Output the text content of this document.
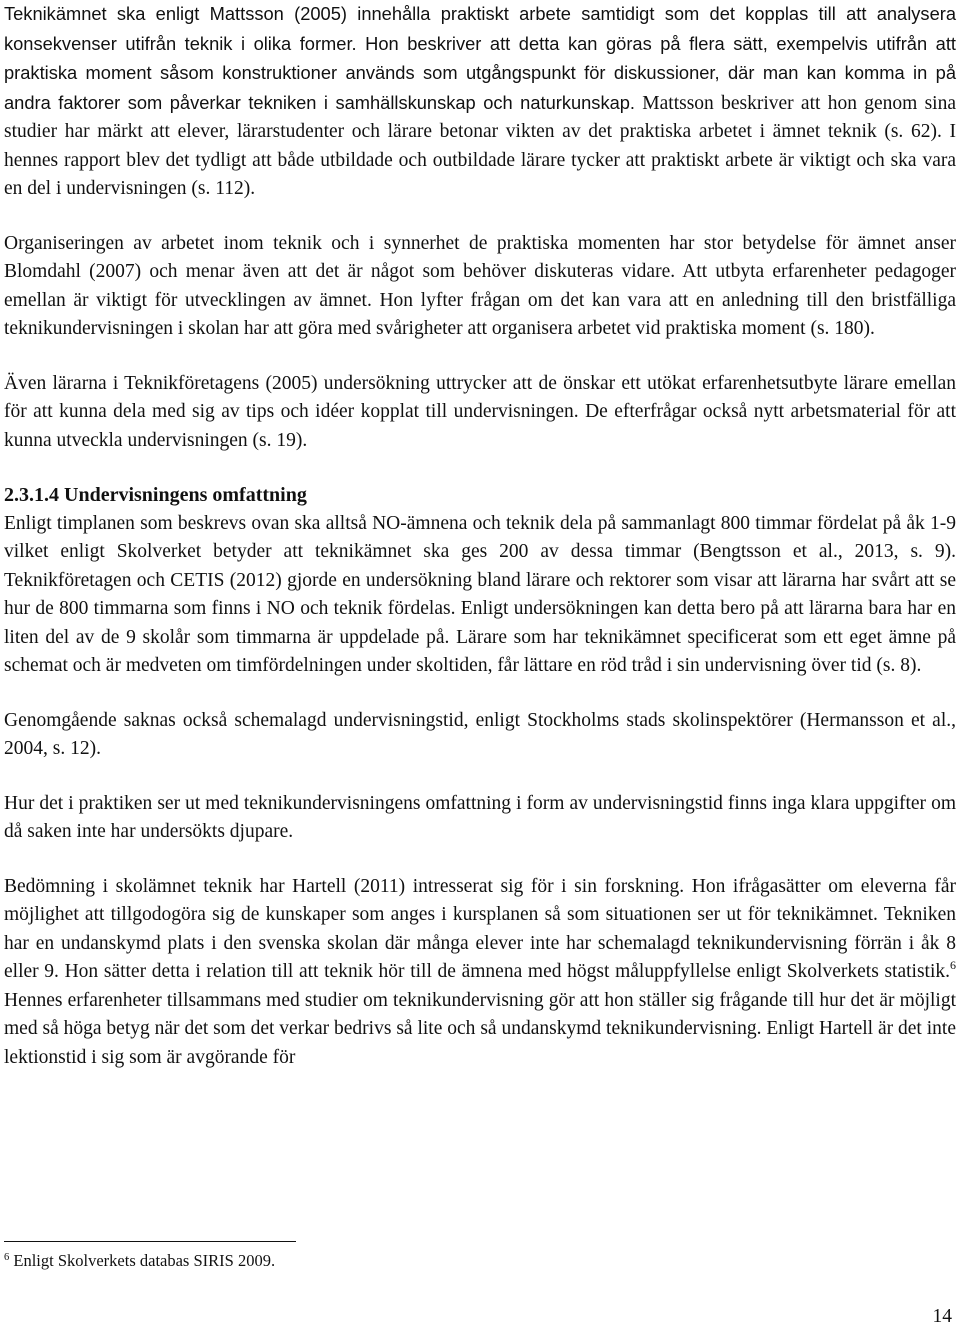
Teknikämnet ska enligt Mattsson (2005) innehålla praktiskt arbete samtidigt som det kopplas till att analysera konsekvenser utifrån teknik i olika former. Hon beskriver att detta kan göras på flera sätt, exempelvis utifrån att praktiska moment såsom konstruktioner används som utgångspunkt för diskussioner, där man kan komma in på andra faktorer som påverkar tekniken i samhällskunskap och naturkunskap. Mattsson beskriver att hon genom sina studier har märkt att elever, lärarstudenter och lärare betonar vikten av det praktiska arbetet i ämnet teknik (s. 62). I hennes rapport blev det tydligt att både utbildade och outbildade lärare tycker att praktiskt arbete är viktigt och ska vara en del i undervisningen (s. 112).

Organiseringen av arbetet inom teknik och i synnerhet de praktiska momenten har stor betydelse för ämnet anser Blomdahl (2007) och menar även att det är något som behöver diskuteras vidare. Att utbyta erfarenheter pedagoger emellan är viktigt för utvecklingen av ämnet. Hon lyfter frågan om det kan vara att en anledning till den bristfälliga teknikundervisningen i skolan har att göra med svårigheter att organisera arbetet vid praktiska moment (s. 180).

Även lärarna i Teknikföretagens (2005) undersökning uttrycker att de önskar ett utökat erfarenhetsutbyte lärare emellan för att kunna dela med sig av tips och idéer kopplat till undervisningen. De efterfrågar också nytt arbetsmaterial för att kunna utveckla undervisningen (s. 19).

2.3.1.4 Undervisningens omfattning

Enligt timplanen som beskrevs ovan ska alltså NO-ämnena och teknik dela på sammanlagt 800 timmar fördelat på åk 1-9 vilket enligt Skolverket betyder att teknikämnet ska ges 200 av dessa timmar (Bengtsson et al., 2013, s. 9). Teknikföretagen och CETIS (2012) gjorde en undersökning bland lärare och rektorer som visar att lärarna har svårt att se hur de 800 timmarna som finns i NO och teknik fördelas. Enligt undersökningen kan detta bero på att lärarna bara har en liten del av de 9 skolår som timmarna är uppdelade på. Lärare som har teknikämnet specificerat som ett eget ämne på schemat och är medveten om timfördelningen under skoltiden, får lättare en röd tråd i sin undervisning över tid (s. 8).

Genomgående saknas också schemalagd undervisningstid, enligt Stockholms stads skolinspektörer (Hermansson et al., 2004, s. 12).

Hur det i praktiken ser ut med teknikundervisningens omfattning i form av undervisningstid finns inga klara uppgifter om då saken inte har undersökts djupare.

Bedömning i skolämnet teknik har Hartell (2011) intresserat sig för i sin forskning. Hon ifrågasätter om eleverna får möjlighet att tillgodogöra sig de kunskaper som anges i kursplanen så som situationen ser ut för teknikämnet. Tekniken har en undanskymd plats i den svenska skolan där många elever inte har schemalagd teknikundervisning förrän i åk 8 eller 9. Hon sätter detta i relation till att teknik hör till de ämnena med högst måluppfyllelse enligt Skolverkets statistik.$^6$ Hennes erfarenheter tillsammans med studier om teknikundervisning gör att hon ställer sig frågande till hur det är möjligt med så höga betyg när det som det verkar bedrivs så lite och så undanskymd teknikundervisning. Enligt Hartell är det inte lektionstid i sig som är avgörande för

$^6$ Enligt Skolverkets databas SIRIS 2009.
14
